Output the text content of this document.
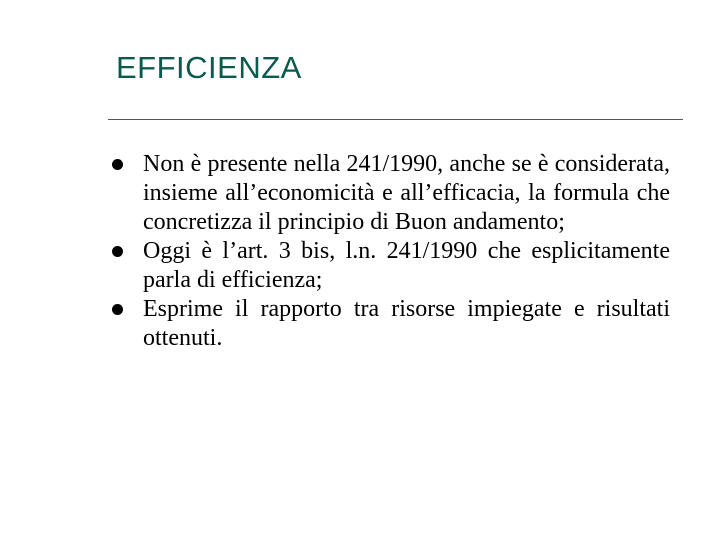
EFFICIENZA
Non è presente nella 241/1990, anche se è considerata, insieme all’economicità e all’efficacia, la formula che concretizza il principio di Buon andamento;
Oggi è l’art. 3 bis, l.n. 241/1990 che esplicitamente parla di efficienza;
Esprime il rapporto tra risorse impiegate e risultati ottenuti.
